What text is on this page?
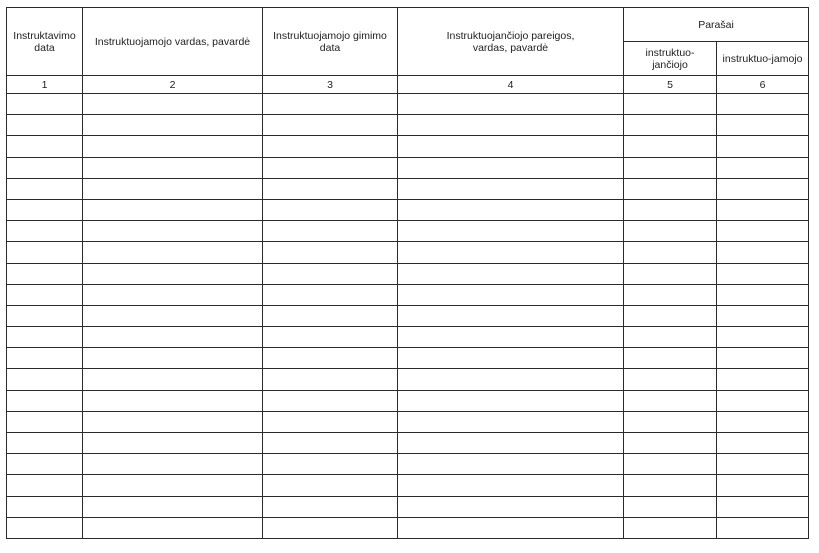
Instruktavimo data	Instruktuojamojo vardas, pavardė	Instruktuojamojo gimimo data	Instruktuojančiojo pareigos, vardas, pavardė	Parašai	
				instruktuo-jančiojo	instruktuo-jamojo
1	2	3	4	5	6
